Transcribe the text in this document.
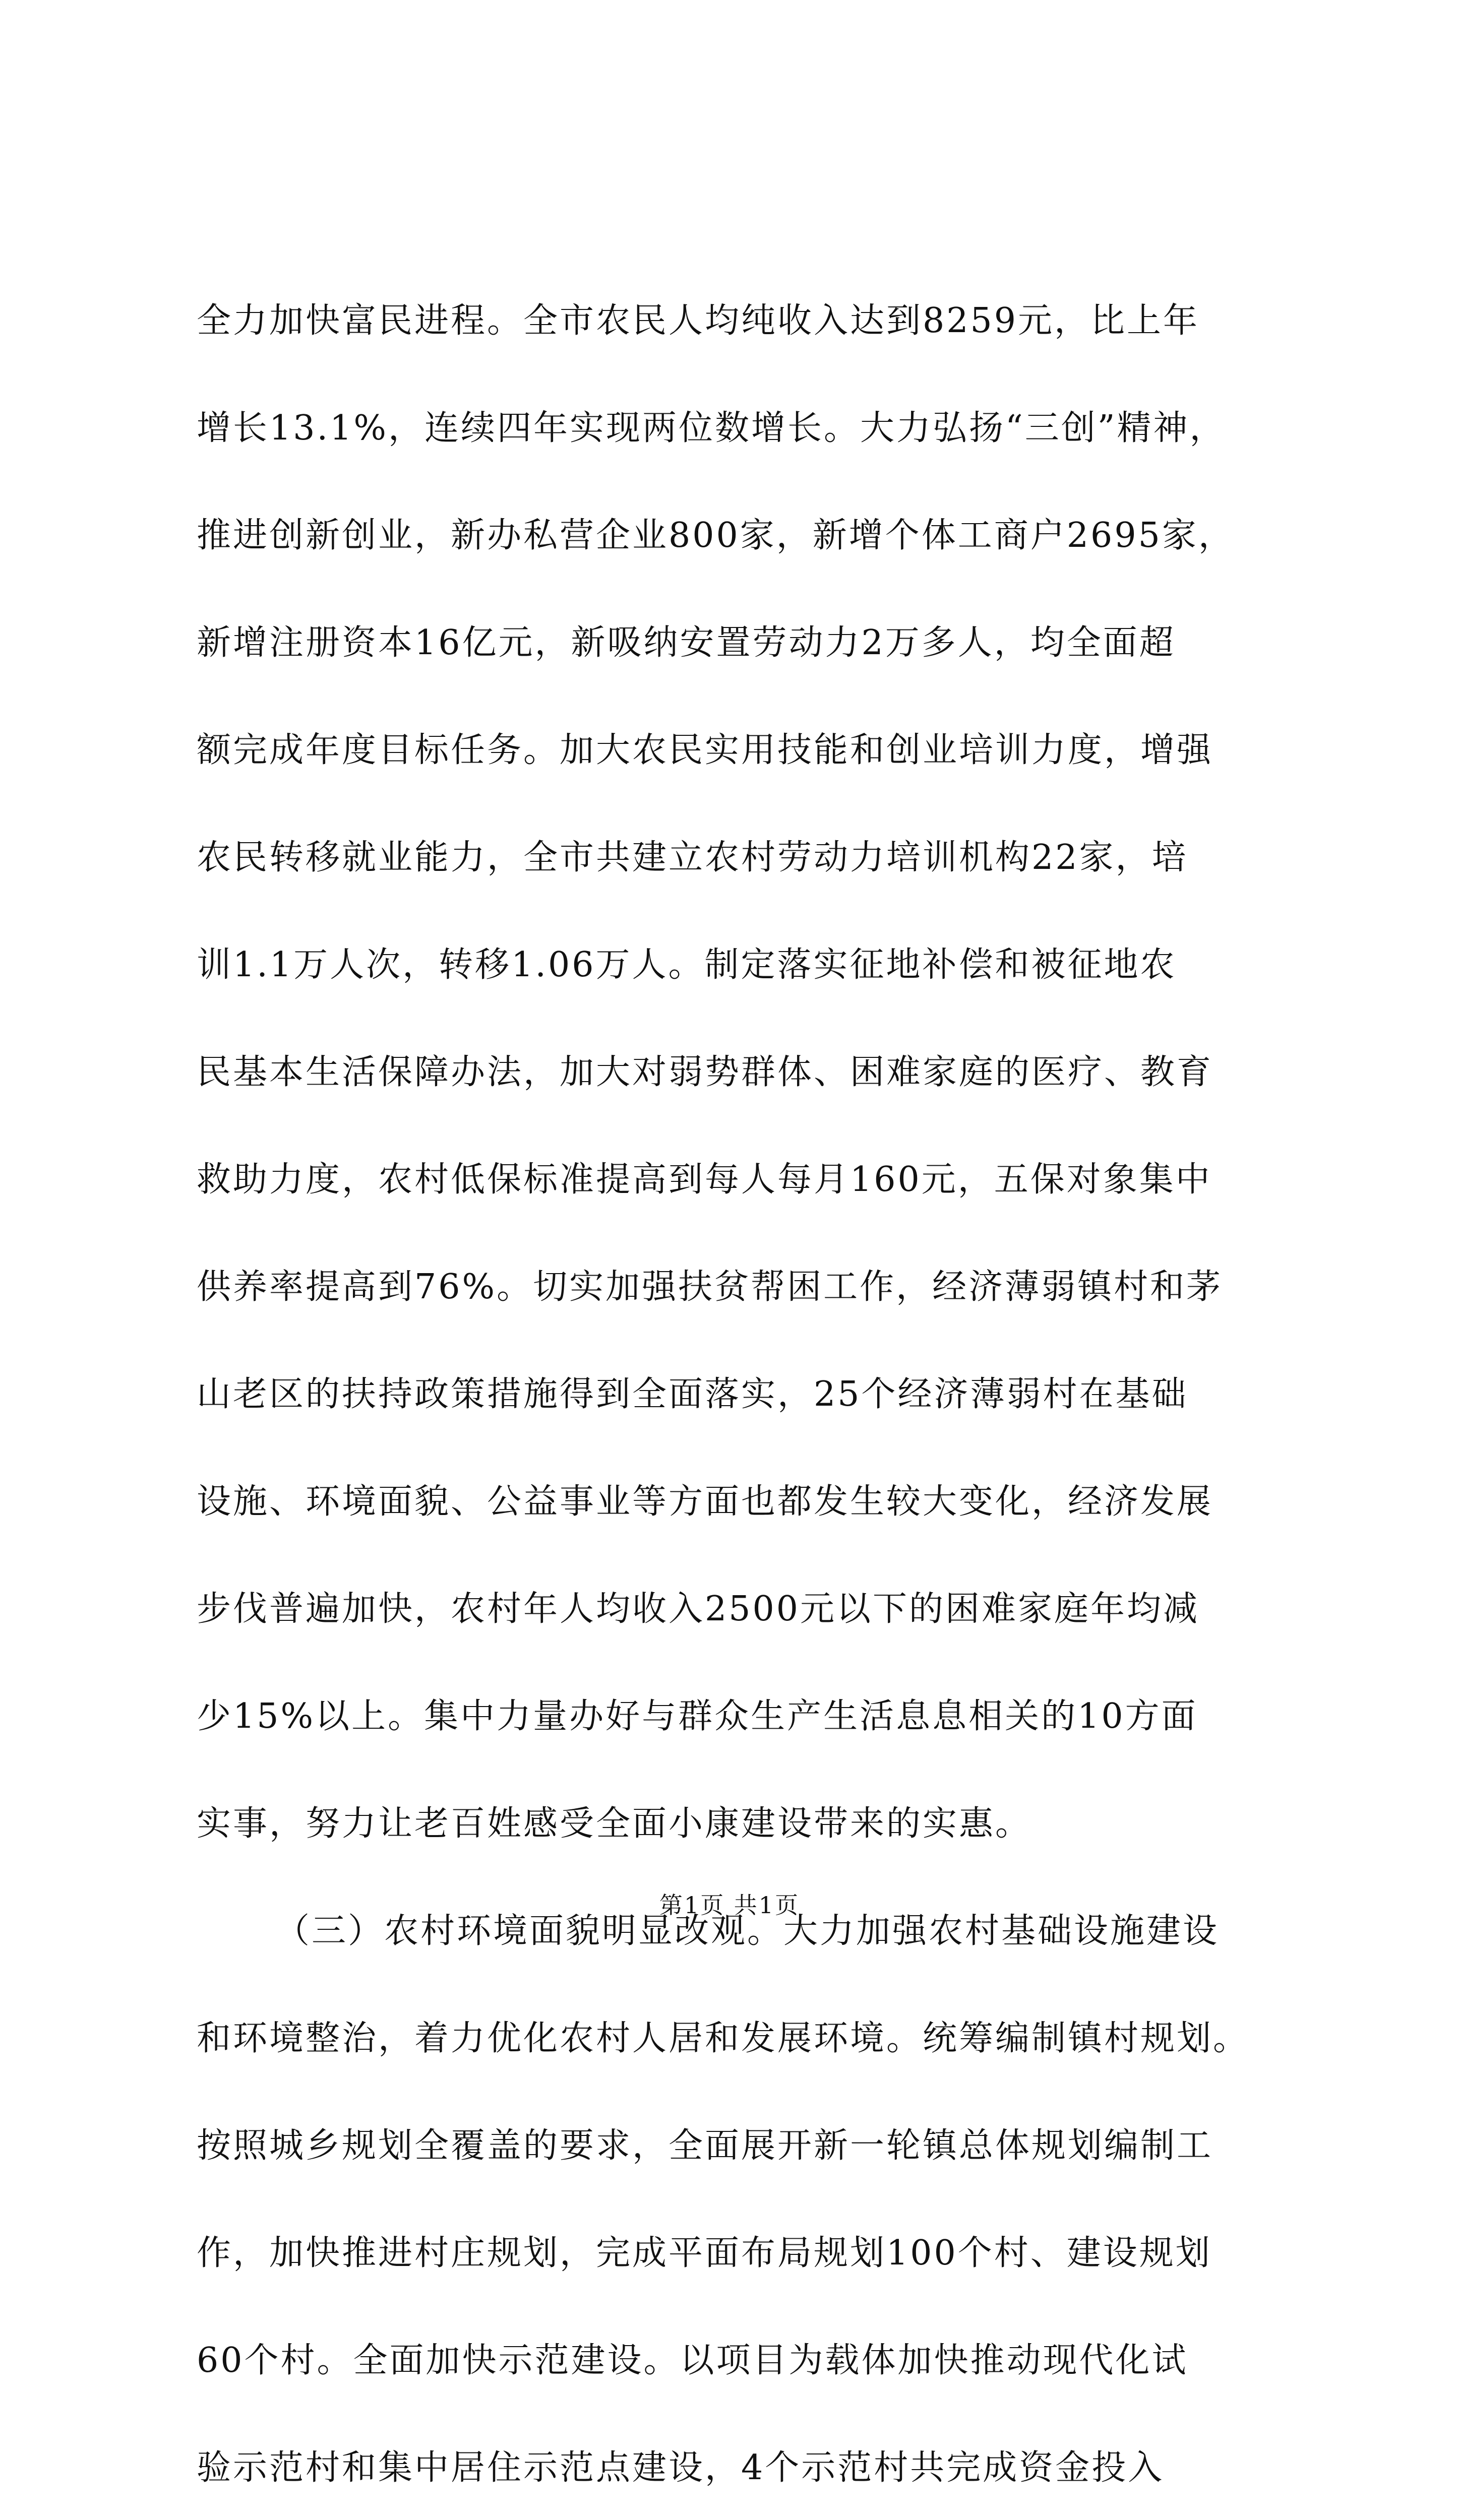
全力加快富民进程。全市农民人均纯收入达到8259元，比上年
增长13.1%，连续四年实现两位数增长。大力弘扬“三创”精神，
推进创新创业，新办私营企业800家，新增个体工商户2695家，
新增注册资本16亿元，新吸纳安置劳动力2万多人，均全面超
额完成年度目标任务。加大农民实用技能和创业培训力度，增强
农民转移就业能力，全市共建立农村劳动力培训机构22家，培
训1.1万人次，转移1.06万人。制定落实征地补偿和被征地农
民基本生活保障办法，加大对弱势群体、困难家庭的医疗、教育
救助力度，农村低保标准提高到每人每月160元，五保对象集中
供养率提高到76%。切实加强扶贫帮困工作，经济薄弱镇村和茅
山老区的扶持政策措施得到全面落实，25个经济薄弱村在基础
设施、环境面貌、公益事业等方面也都发生较大变化，经济发展
步伐普遍加快，农村年人均收入2500元以下的困难家庭年均减
少15%以上。集中力量办好与群众生产生活息息相关的10方面
实事，努力让老百姓感受全面小康建设带来的实惠。
（三）农村环境面貌明显改观。大力加强农村基础设施建设
和环境整治，着力优化农村人居和发展环境。统筹编制镇村规划。
按照城乡规划全覆盖的要求，全面展开新一轮镇总体规划编制工
作，加快推进村庄规划，完成平面布局规划100个村、建设规划
60个村。全面加快示范建设。以项目为载体加快推动现代化试
验示范村和集中居住示范点建设，4个示范村共完成资金投入
第1页 共1页
